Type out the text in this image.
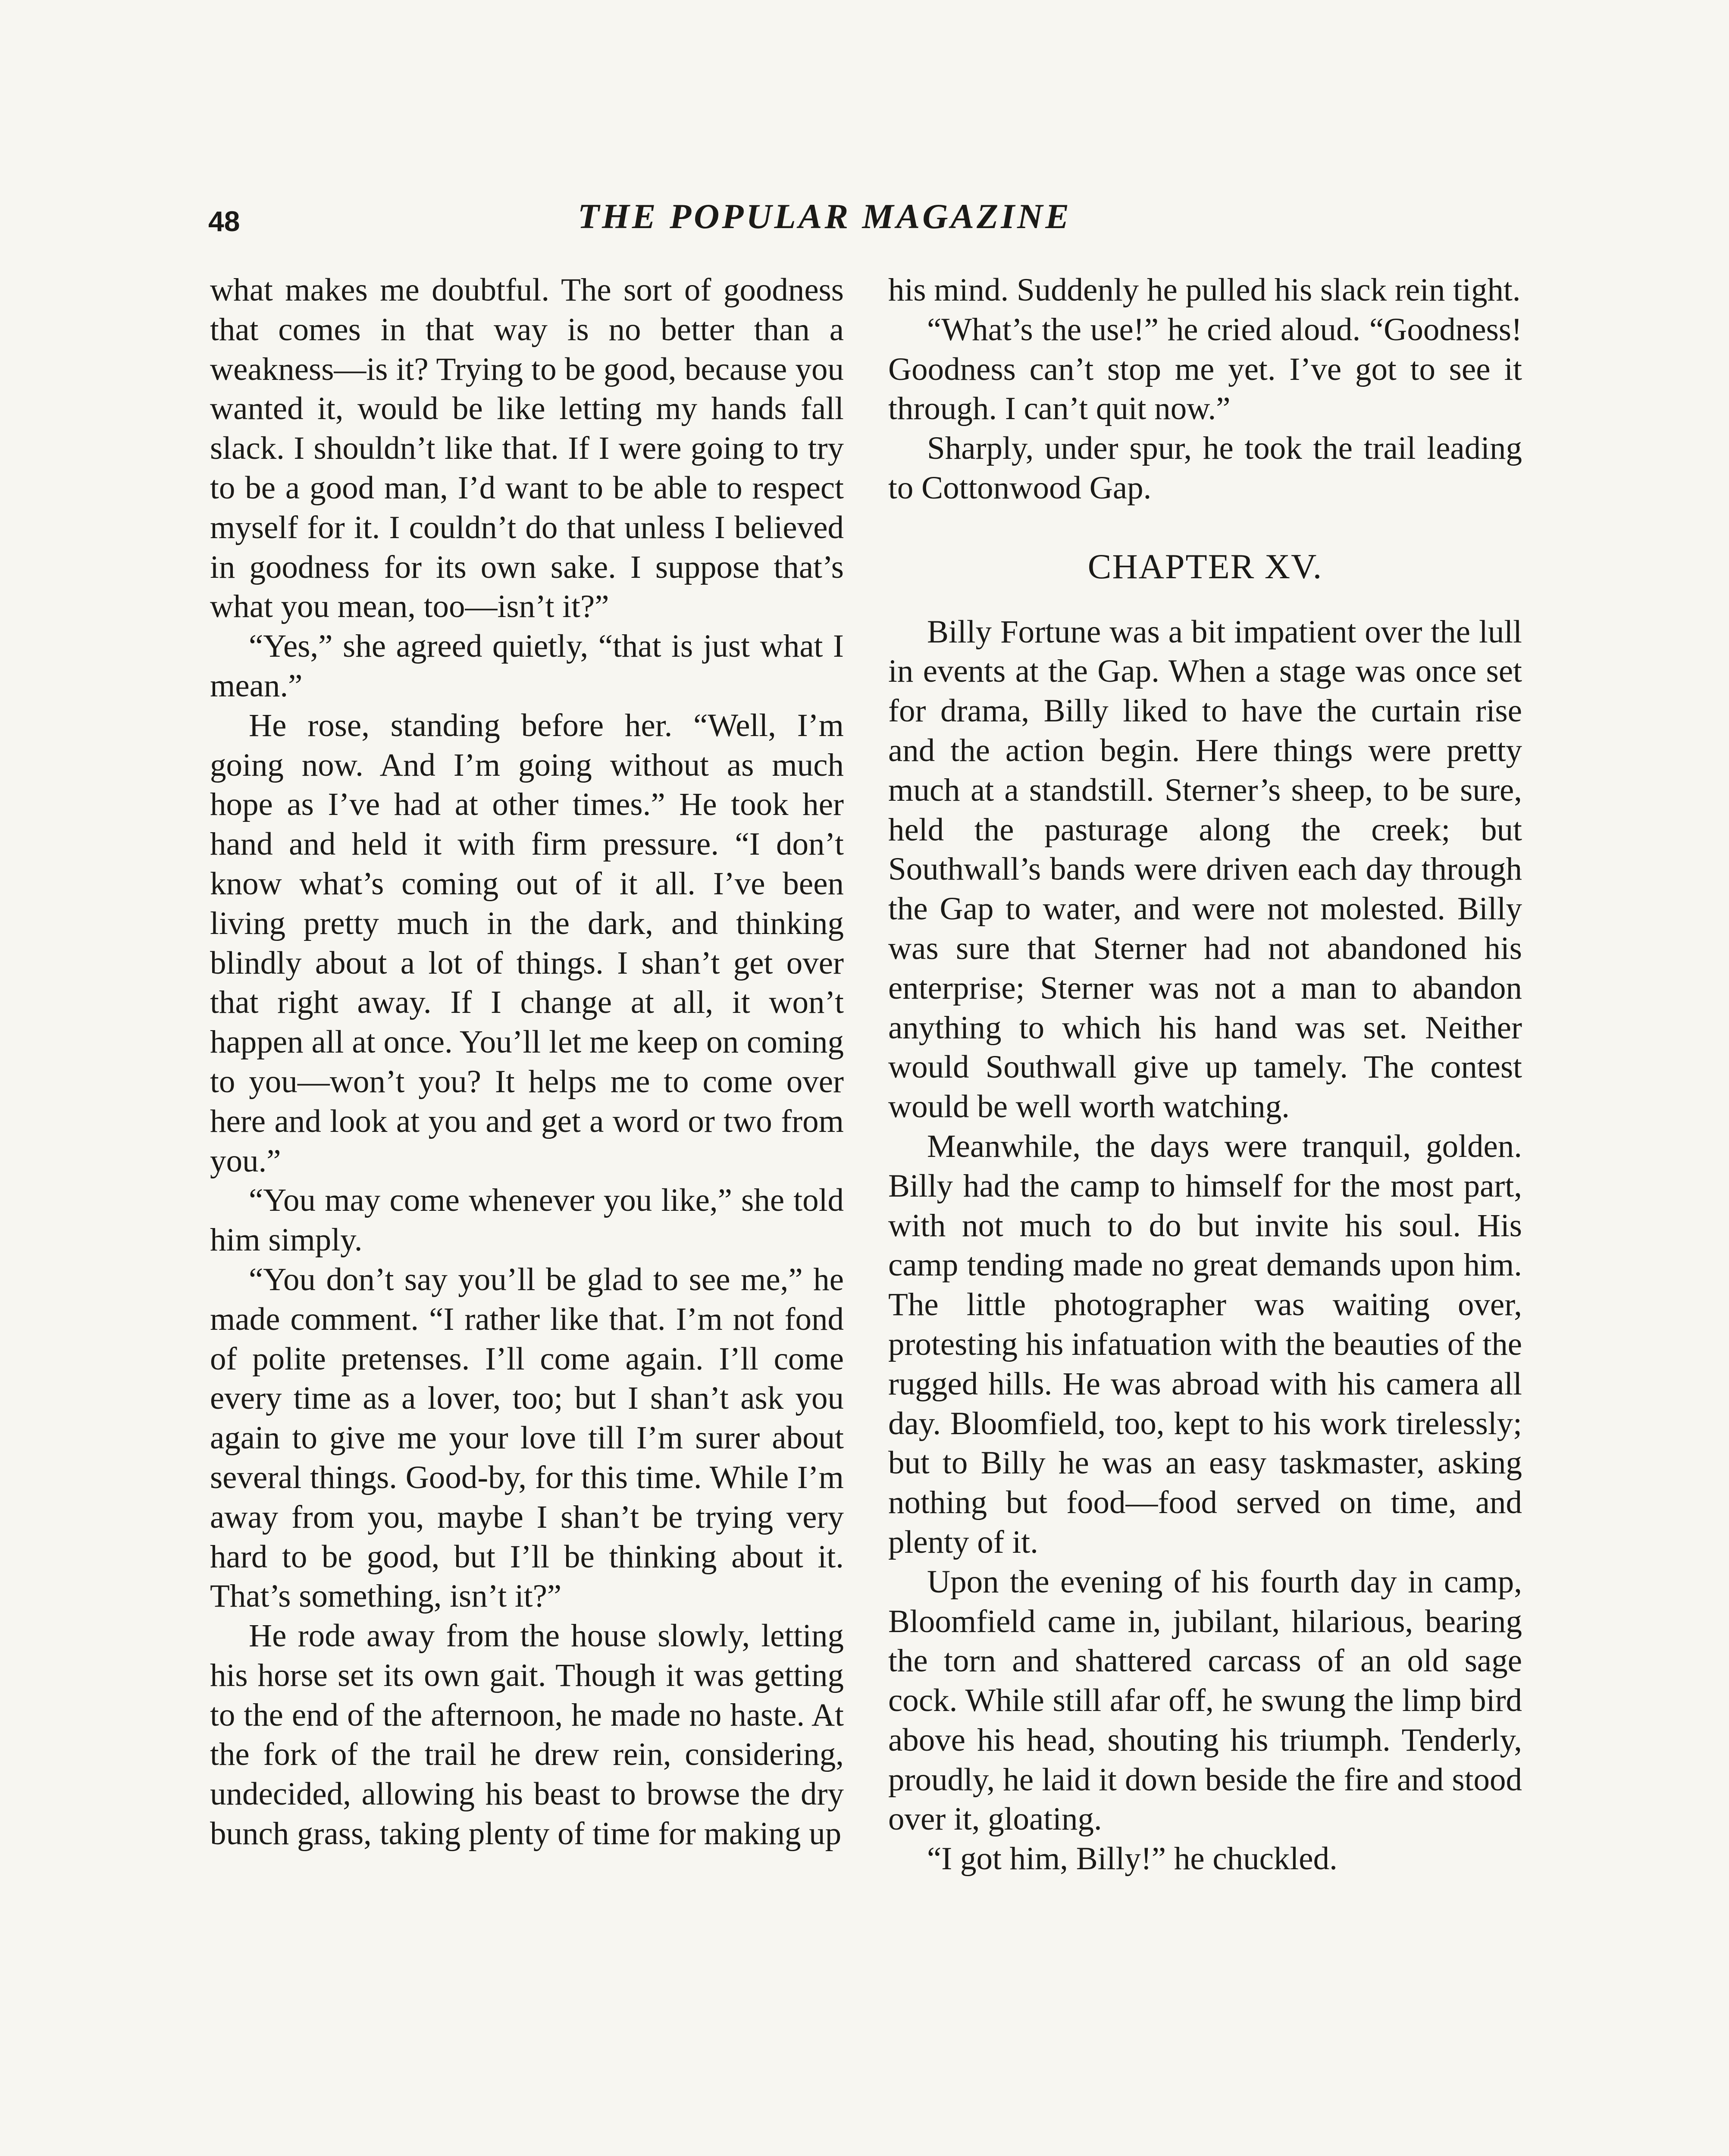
48	THE POPULAR MAGAZINE

what makes me doubtful. The sort of goodness that comes in that way is no better than a weakness—is it? Trying to be good, because you wanted it, would be like letting my hands fall slack. I shouldn’t like that. If I were going to try to be a good man, I’d want to be able to respect myself for it. I couldn’t do that unless I believed in goodness for its own sake. I suppose that’s what you mean, too—isn’t it?”

“Yes,” she agreed quietly, “that is just what I mean.”

He rose, standing before her. “Well, I’m going now. And I’m going without as much hope as I’ve had at other times.” He took her hand and held it with firm pressure. “I don’t know what’s coming out of it all. I’ve been living pretty much in the dark, and thinking blindly about a lot of things. I shan’t get over that right away. If I change at all, it won’t happen all at once. You’ll let me keep on coming to you—won’t you? It helps me to come over here and look at you and get a word or two from you.”

“You may come whenever you like,” she told him simply.

“You don’t say you’ll be glad to see me,” he made comment. “I rather like that. I’m not fond of polite pretenses. I’ll come again. I’ll come every time as a lover, too; but I shan’t ask you again to give me your love till I’m surer about several things. Good-by, for this time. While I’m away from you, maybe I shan’t be trying very hard to be good, but I’ll be thinking about it. That’s something, isn’t it?”

He rode away from the house slowly, letting his horse set its own gait. Though it was getting to the end of the afternoon, he made no haste. At the fork of the trail he drew rein, considering, undecided, allowing his beast to browse the dry bunch grass, taking plenty of time for making up

his mind. Suddenly he pulled his slack rein tight.

“What’s the use!” he cried aloud. “Goodness! Goodness can’t stop me yet. I’ve got to see it through. I can’t quit now.”

Sharply, under spur, he took the trail leading to Cottonwood Gap.

CHAPTER XV.

Billy Fortune was a bit impatient over the lull in events at the Gap. When a stage was once set for drama, Billy liked to have the curtain rise and the action begin. Here things were pretty much at a standstill. Sterner’s sheep, to be sure, held the pasturage along the creek; but Southwall’s bands were driven each day through the Gap to water, and were not molested. Billy was sure that Sterner had not abandoned his enterprise; Sterner was not a man to abandon anything to which his hand was set. Neither would Southwall give up tamely. The contest would be well worth watching.

Meanwhile, the days were tranquil, golden. Billy had the camp to himself for the most part, with not much to do but invite his soul. His camp tending made no great demands upon him. The little photographer was waiting over, protesting his infatuation with the beauties of the rugged hills. He was abroad with his camera all day. Bloomfield, too, kept to his work tirelessly; but to Billy he was an easy taskmaster, asking nothing but food—food served on time, and plenty of it.

Upon the evening of his fourth day in camp, Bloomfield came in, jubilant, hilarious, bearing the torn and shattered carcass of an old sage cock. While still afar off, he swung the limp bird above his head, shouting his triumph. Tenderly, proudly, he laid it down beside the fire and stood over it, gloating.

“I got him, Billy!” he chuckled.
